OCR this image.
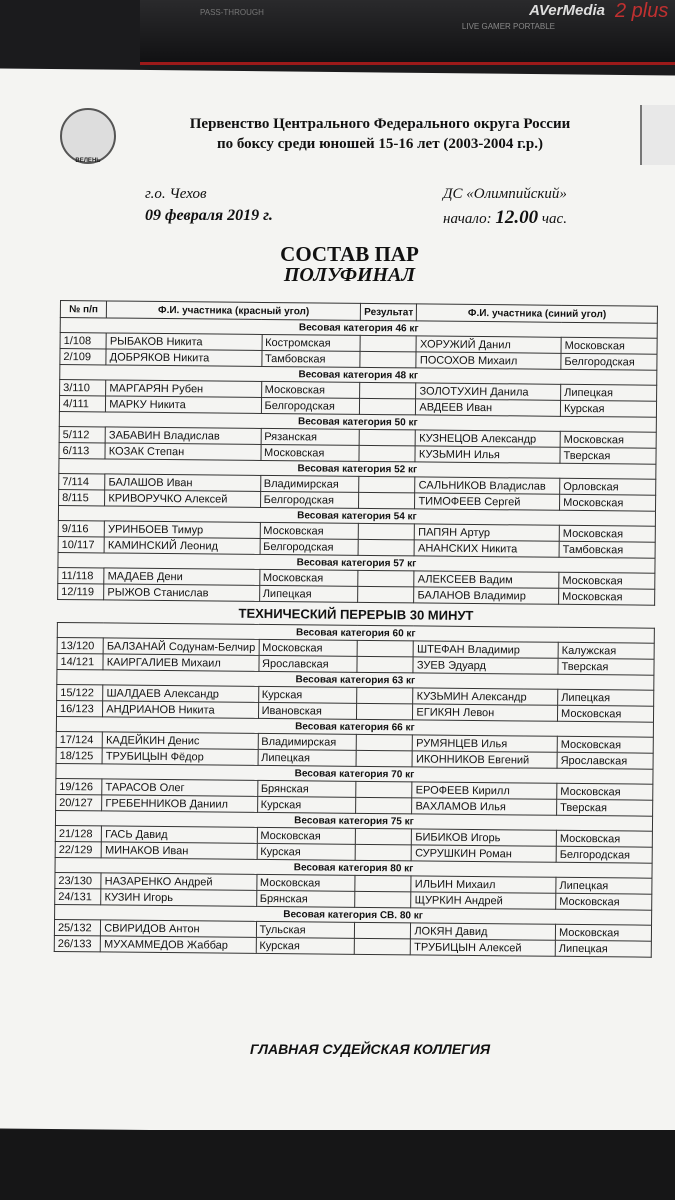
PASS-THROUGH	AVerMedia
LIVE GAMER PORTABLE
2 plus
ВЕЛЕНЬ
Первенство Центрального Федерального округа России
по боксу среди юношей 15-16 лет (2003-2004 г.р.)
г.о. Чехов	ДС «Олимпийский»
09 февраля 2019 г.	начало: 12.00 час.
СОСТАВ ПАР
ПОЛУФИНАЛ
№ п/п	Ф.И. участника (красный угол)		Результат	Ф.И. участника (синий угол)	
Весовая категория 46 кг					
1/108	РЫБАКОВ Никита	Костромская		ХОРУЖИЙ Данил	Московская
2/109	ДОБРЯКОВ Никита	Тамбовская		ПОСОХОВ Михаил	Белгородская
Весовая категория 48 кг					
3/110	МАРГАРЯН Рубен	Московская		ЗОЛОТУХИН Данила	Липецкая
4/111	МАРКУ Никита	Белгородская		АВДЕЕВ Иван	Курская
Весовая категория 50 кг					
5/112	ЗАБАВИН Владислав	Рязанская		КУЗНЕЦОВ Александр	Московская
6/113	КОЗАК Степан	Московская		КУЗЬМИН Илья	Тверская
Весовая категория 52 кг					
7/114	БАЛАШОВ Иван	Владимирская		САЛЬНИКОВ Владислав	Орловская
8/115	КРИВОРУЧКО Алексей	Белгородская		ТИМОФЕЕВ Сергей	Московская
Весовая категория 54 кг					
9/116	УРИНБОЕВ Тимур	Московская		ПАПЯН Артур	Московская
10/117	КАМИНСКИЙ Леонид	Белгородская		АНАНСКИХ Никита	Тамбовская
Весовая категория 57 кг					
11/118	МАДАЕВ Дени	Московская		АЛЕКСЕЕВ Вадим	Московская
12/119	РЫЖОВ Станислав	Липецкая		БАЛАНОВ Владимир	Московская
ТЕХНИЧЕСКИЙ ПЕРЕРЫВ 30 МИНУТ					
Весовая категория 60 кг					
13/120	БАЛЗАНАЙ Содунам-Белчир	Московская		ШТЕФАН Владимир	Калужская
14/121	КАИРГАЛИЕВ Михаил	Ярославская		ЗУЕВ Эдуард	Тверская
Весовая категория 63 кг					
15/122	ШАЛДАЕВ Александр	Курская		КУЗЬМИН Александр	Липецкая
16/123	АНДРИАНОВ Никита	Ивановская		ЕГИКЯН Левон	Московская
Весовая категория 66 кг					
17/124	КАДЕЙКИН Денис	Владимирская		РУМЯНЦЕВ Илья	Московская
18/125	ТРУБИЦЫН Фёдор	Липецкая		ИКОННИКОВ Евгений	Ярославская
Весовая категория 70 кг					
19/126	ТАРАСОВ Олег	Брянская		ЕРОФЕЕВ Кирилл	Московская
20/127	ГРЕБЕННИКОВ Даниил	Курская		ВАХЛАМОВ Илья	Тверская
Весовая категория 75 кг					
21/128	ГАСЬ Давид	Московская		БИБИКОВ Игорь	Московская
22/129	МИНАКОВ Иван	Курская		СУРУШКИН Роман	Белгородская
Весовая категория 80 кг					
23/130	НАЗАРЕНКО Андрей	Московская		ИЛЬИН Михаил	Липецкая
24/131	КУЗИН Игорь	Брянская		ЩУРКИН Андрей	Московская
Весовая категория СВ. 80 кг					
25/132	СВИРИДОВ Антон	Тульская		ЛОКЯН Давид	Московская
26/133	МУХАММЕДОВ Жаббар	Курская		ТРУБИЦЫН Алексей	Липецкая
ГЛАВНАЯ СУДЕЙСКАЯ КОЛЛЕГИЯ
